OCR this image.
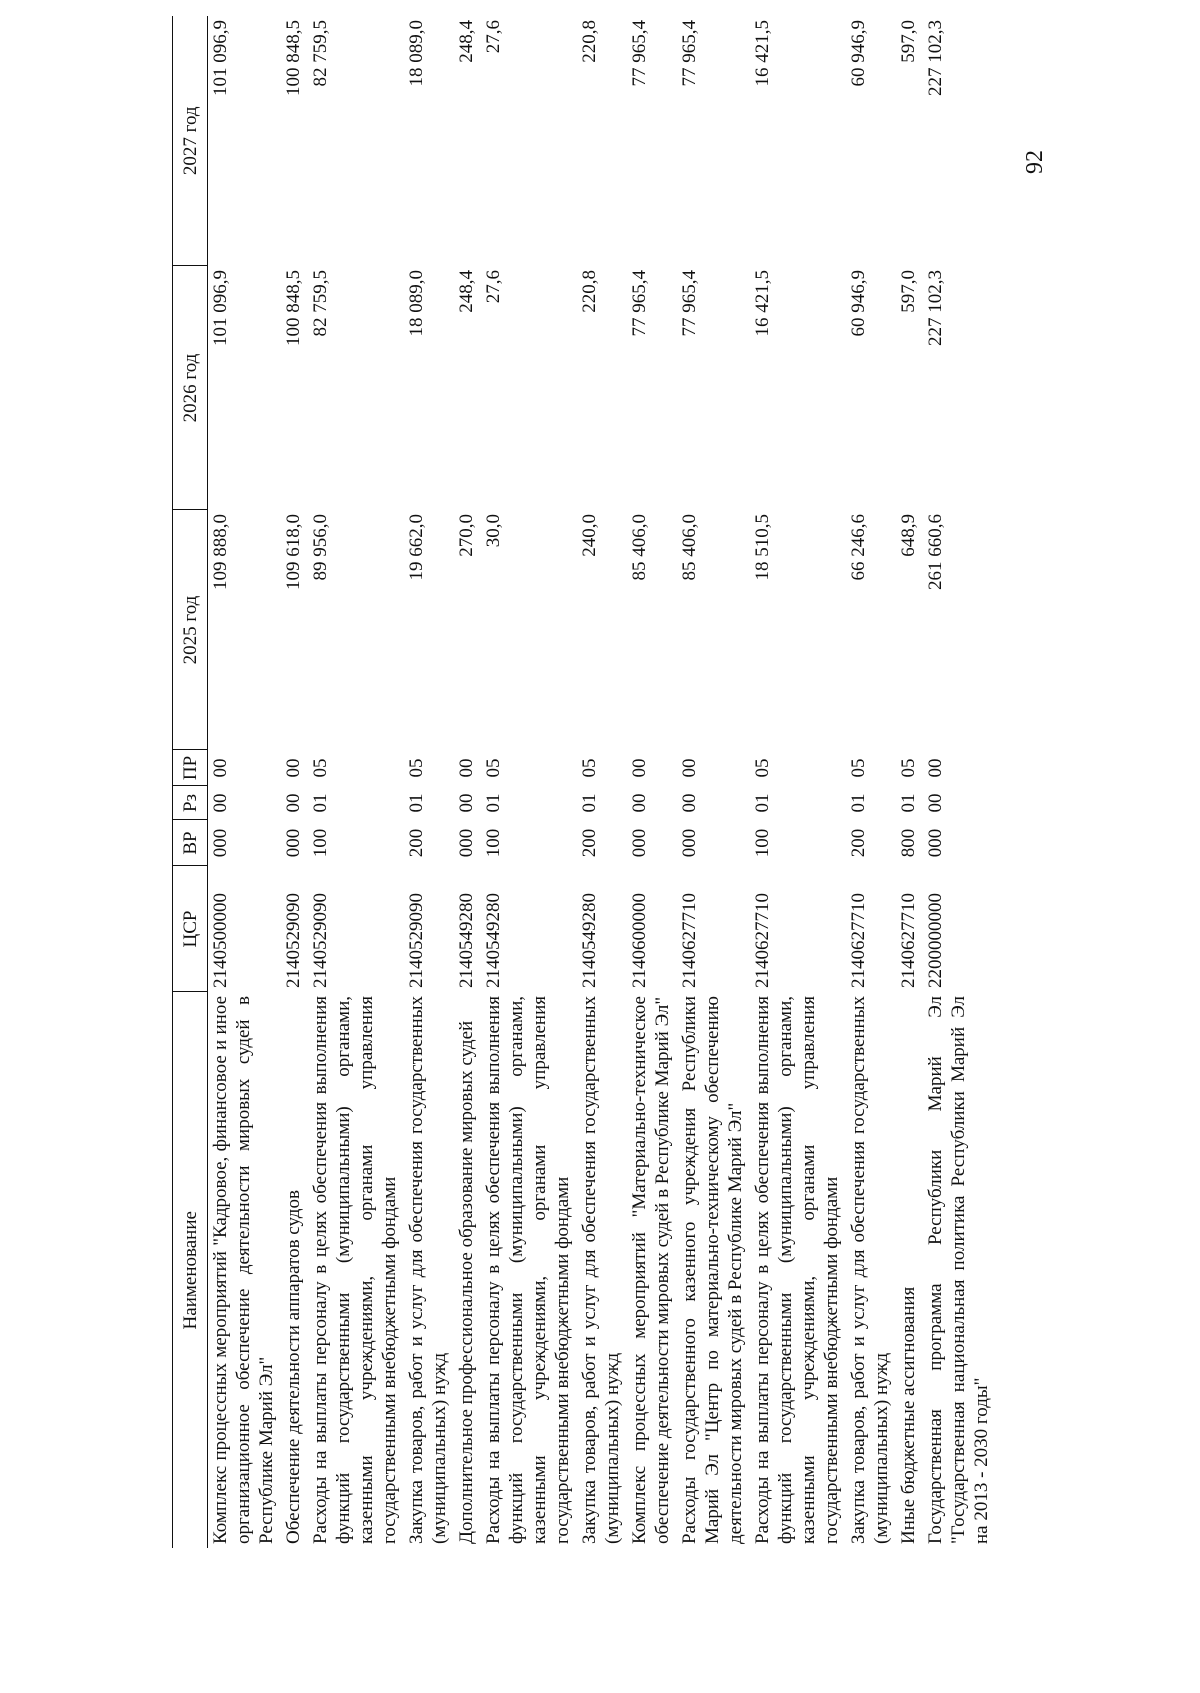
92
Наименование	ЦСР	ВР	Рз	ПР	2025 год	2026 год	2027 год
Комплекс процессных мероприятий "Кадровое, финансовое и иное организационное обеспечение деятельности мировых судей в Республике Марий Эл"	2140500000	000	00	00	109 888,0	101 096,9	101 096,9
Обеспечение деятельности аппаратов судов	2140529090	000	00	00	109 618,0	100 848,5	100 848,5
Расходы на выплаты персоналу в целях обеспечения выполнения функций государственными (муниципальными) органами, казенными учреждениями, органами управления государственными внебюджетными фондами	2140529090	100	01	05	89 956,0	82 759,5	82 759,5
Закупка товаров, работ и услуг для обеспечения государственных (муниципальных) нужд	2140529090	200	01	05	19 662,0	18 089,0	18 089,0
Дополнительное профессиональное образование мировых судей	2140549280	000	00	00	270,0	248,4	248,4
Расходы на выплаты персоналу в целях обеспечения выполнения функций государственными (муниципальными) органами, казенными учреждениями, органами управления государственными внебюджетными фондами	2140549280	100	01	05	30,0	27,6	27,6
Закупка товаров, работ и услуг для обеспечения государственных (муниципальных) нужд	2140549280	200	01	05	240,0	220,8	220,8
Комплекс процессных мероприятий "Материально-техническое обеспечение деятельности мировых судей в Республике Марий Эл"	2140600000	000	00	00	85 406,0	77 965,4	77 965,4
Расходы государственного казенного учреждения Республики Марий Эл "Центр по материально-техническому обеспечению деятельности мировых судей в Республике Марий Эл"	2140627710	000	00	00	85 406,0	77 965,4	77 965,4
Расходы на выплаты персоналу в целях обеспечения выполнения функций государственными (муниципальными) органами, казенными учреждениями, органами управления государственными внебюджетными фондами	2140627710	100	01	05	18 510,5	16 421,5	16 421,5
Закупка товаров, работ и услуг для обеспечения государственных (муниципальных) нужд	2140627710	200	01	05	66 246,6	60 946,9	60 946,9
Иные бюджетные ассигнования	2140627710	800	01	05	648,9	597,0	597,0
Государственная программа Республики Марий Эл "Государственная национальная политика Республики Марий Эл на 2013 - 2030 годы"	2200000000	000	00	00	261 660,6	227 102,3	227 102,3
